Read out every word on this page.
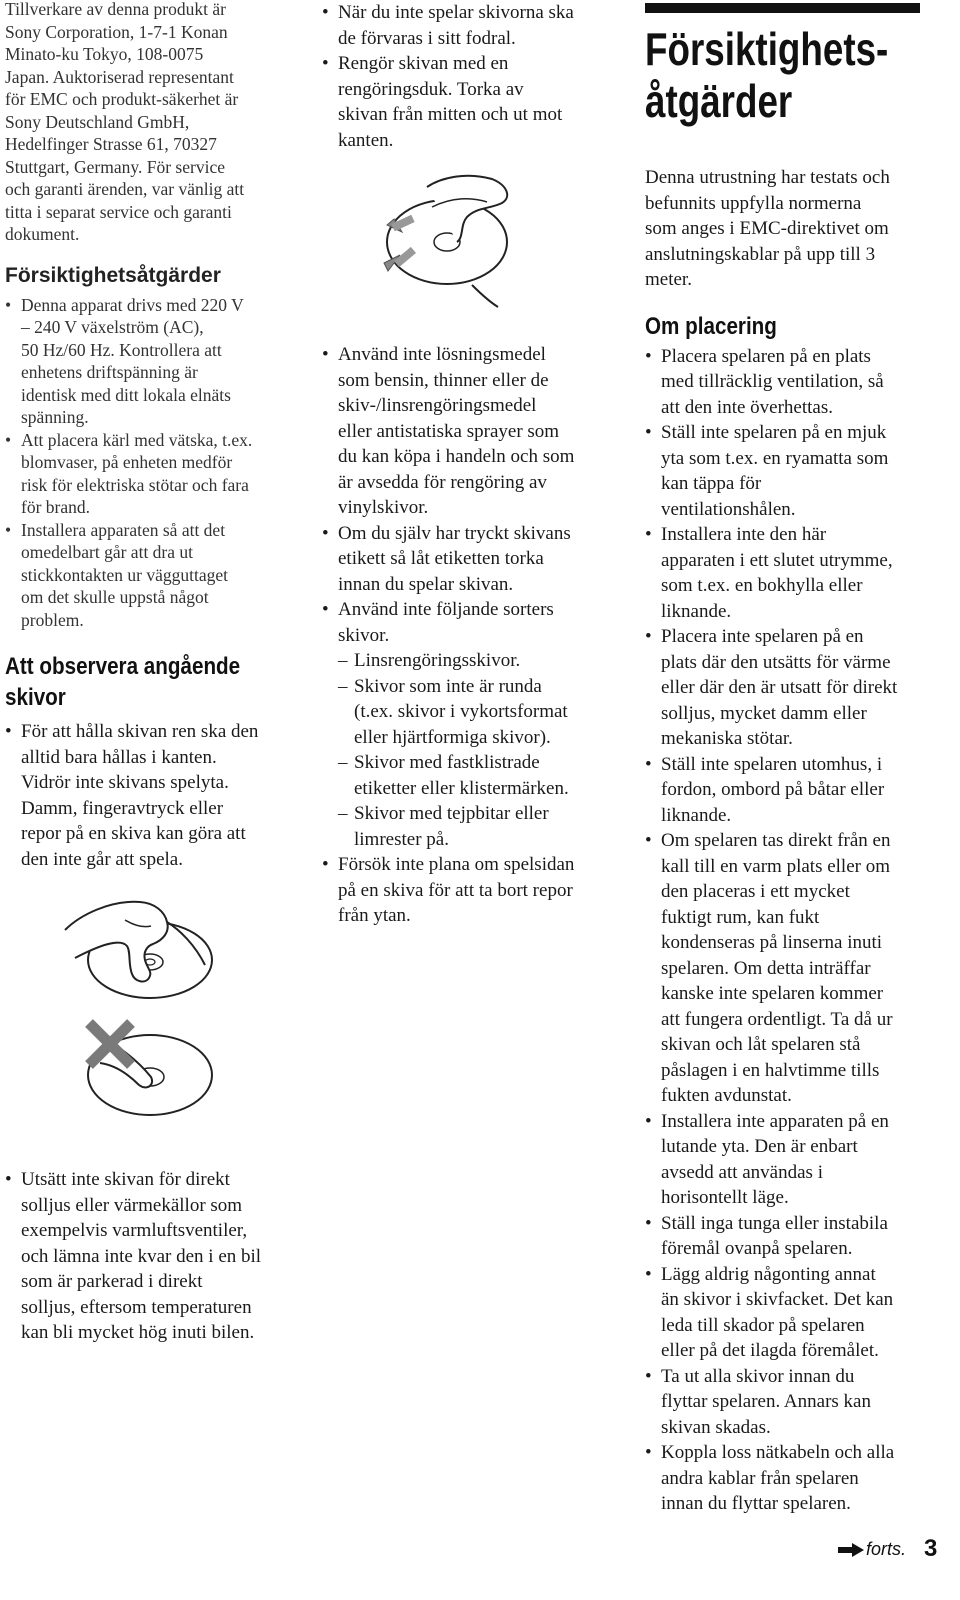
Tillverkare av denna produkt är
Sony Corporation, 1-7-1 Konan
Minato-ku Tokyo, 108-0075
Japan. Auktoriserad representant
för EMC och produkt-säkerhet är
Sony Deutschland GmbH,
Hedelfinger Strasse 61, 70327
Stuttgart, Germany. För service
och garanti ärenden, var vänlig att
titta i separat service och garanti
dokument.
Försiktighetsåtgärder
• Denna apparat drivs med 220 V
– 240 V växelström (AC),
50 Hz/60 Hz. Kontrollera att
enhetens driftspänning är
identisk med ditt lokala elnäts
spänning.
• Att placera kärl med vätska, t.ex.
blomvaser, på enheten medför
risk för elektriska stötar och fara
för brand.
• Installera apparaten så att det
omedelbart går att dra ut
stickkontakten ur vägguttaget
om det skulle uppstå något
problem.
Att observera angående
skivor
• För att hålla skivan ren ska den
alltid bara hållas i kanten.
Vidrör inte skivans spelyta.
Damm, fingeravtryck eller
repor på en skiva kan göra att
den inte går att spela.
• Utsätt inte skivan för direkt
solljus eller värmekällor som
exempelvis varmluftsventiler,
och lämna inte kvar den i en bil
som är parkerad i direkt
solljus, eftersom temperaturen
kan bli mycket hög inuti bilen.
• När du inte spelar skivorna ska
de förvaras i sitt fodral.
• Rengör skivan med en
rengöringsduk. Torka av
skivan från mitten och ut mot
kanten.
• Använd inte lösningsmedel
som bensin, thinner eller de
skiv-/linsrengöringsmedel
eller antistatiska sprayer som
du kan köpa i handeln och som
är avsedda för rengöring av
vinylskivor.
• Om du själv har tryckt skivans
etikett så låt etiketten torka
innan du spelar skivan.
• Använd inte följande sorters
skivor.
– Linsrengöringsskivor.
– Skivor som inte är runda
(t.ex. skivor i vykortsformat
eller hjärtformiga skivor).
– Skivor med fastklistrade
etiketter eller klistermärken.
– Skivor med tejpbitar eller
limrester på.
• Försök inte plana om spelsidan
på en skiva för att ta bort repor
från ytan.
Försiktighets-
åtgärder
Denna utrustning har testats och
befunnits uppfylla normerna
som anges i EMC-direktivet om
anslutningskablar på upp till 3
meter.
Om placering
• Placera spelaren på en plats
med tillräcklig ventilation, så
att den inte överhettas.
• Ställ inte spelaren på en mjuk
yta som t.ex. en ryamatta som
kan täppa för
ventilationshålen.
• Installera inte den här
apparaten i ett slutet utrymme,
som t.ex. en bokhylla eller
liknande.
• Placera inte spelaren på en
plats där den utsätts för värme
eller där den är utsatt för direkt
solljus, mycket damm eller
mekaniska stötar.
• Ställ inte spelaren utomhus, i
fordon, ombord på båtar eller
liknande.
• Om spelaren tas direkt från en
kall till en varm plats eller om
den placeras i ett mycket
fuktigt rum, kan fukt
kondenseras på linserna inuti
spelaren. Om detta inträffar
kanske inte spelaren kommer
att fungera ordentligt. Ta då ur
skivan och låt spelaren stå
påslagen i en halvtimme tills
fukten avdunstat.
• Installera inte apparaten på en
lutande yta. Den är enbart
avsedd att användas i
horisontellt läge.
• Ställ inga tunga eller instabila
föremål ovanpå spelaren.
• Lägg aldrig någonting annat
än skivor i skivfacket. Det kan
leda till skador på spelaren
eller på det ilagda föremålet.
• Ta ut alla skivor innan du
flyttar spelaren. Annars kan
skivan skadas.
• Koppla loss nätkabeln och alla
andra kablar från spelaren
innan du flyttar spelaren.
forts. 3
